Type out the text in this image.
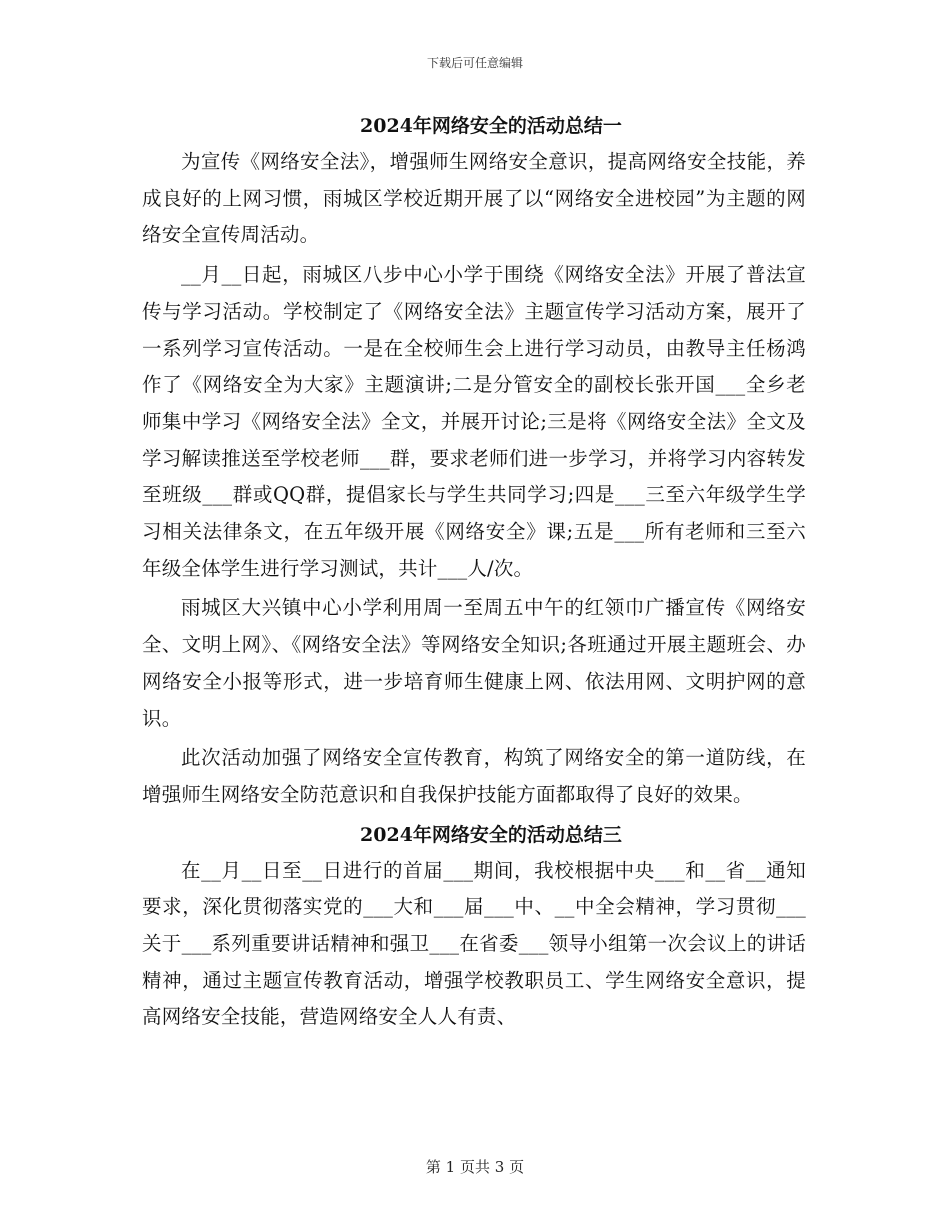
下载后可任意编辑
2024年网络安全的活动总结一

为宣传《网络安全法》，增强师生网络安全意识，提高网络安全技能，养成良好的上网习惯，雨城区学校近期开展了以“网络安全进校园”为主题的网络安全宣传周活动。

__月__日起，雨城区八步中心小学于围绕《网络安全法》开展了普法宣传与学习活动。学校制定了《网络安全法》主题宣传学习活动方案，展开了一系列学习宣传活动。一是在全校师生会上进行学习动员，由教导主任杨鸿作了《网络安全为大家》主题演讲;二是分管安全的副校长张开国___全乡老师集中学习《网络安全法》全文，并展开讨论;三是将《网络安全法》全文及学习解读推送至学校老师___群，要求老师们进一步学习，并将学习内容转发至班级___群或QQ群，提倡家长与学生共同学习;四是___三至六年级学生学习相关法律条文，在五年级开展《网络安全》课;五是___所有老师和三至六年级全体学生进行学习测试，共计___人/次。

雨城区大兴镇中心小学利用周一至周五中午的红领巾广播宣传《网络安全、文明上网》、《网络安全法》等网络安全知识;各班通过开展主题班会、办网络安全小报等形式，进一步培育师生健康上网、依法用网、文明护网的意识。

此次活动加强了网络安全宣传教育，构筑了网络安全的第一道防线，在增强师生网络安全防范意识和自我保护技能方面都取得了良好的效果。

2024年网络安全的活动总结三

在__月__日至__日进行的首届___期间，我校根据中央___和__省__通知要求，深化贯彻落实党的___大和___届___中、__中全会精神，学习贯彻___关于___系列重要讲话精神和强卫___在省委___领导小组第一次会议上的讲话精神，通过主题宣传教育活动，增强学校教职员工、学生网络安全意识，提高网络安全技能，营造网络安全人人有责、

第 1 页共 3 页
